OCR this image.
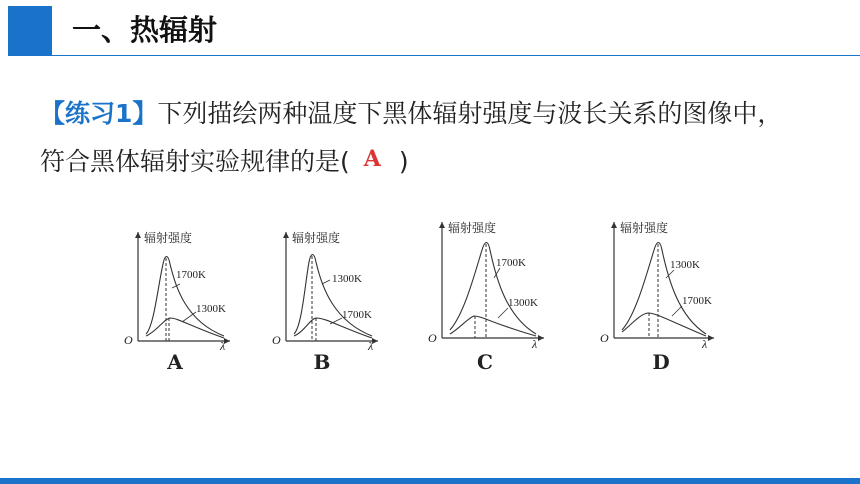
一、热辐射
【练习1】下列描绘两种温度下黑体辐射强度与波长关系的图像中，
符合黑体辐射实验规律的是( A )
辐射强度
O	λ
1700K
1300K
A
辐射强度
O	λ
1300K
1700K
B
辐射强度
O	λ
1700K
1300K
C
辐射强度
O	λ
1300K
1700K
D
